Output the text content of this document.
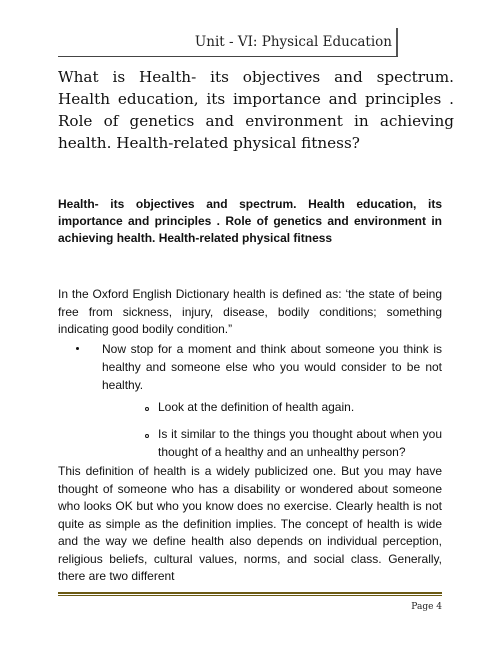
Unit - VI: Physical Education
What is Health- its objectives and spectrum. Health education, its importance and principles . Role of genetics and environment in achieving health. Health-related physical fitness?
Health- its objectives and spectrum. Health education, its importance and principles . Role of genetics and environment in achieving health. Health-related physical fitness
In the Oxford English Dictionary health is defined as: ‘the state of being free from sickness, injury, disease, bodily conditions; something indicating good bodily condition.”
Now stop for a moment and think about someone you think is healthy and someone else who you would consider to be not healthy.
Look at the definition of health again.
Is it similar to the things you thought about when you thought of a healthy and an unhealthy person?
This definition of health is a widely publicized one. But you may have thought of someone who has a disability or wondered about someone who looks OK but who you know does no exercise. Clearly health is not quite as simple as the definition implies. The concept of health is wide and the way we define health also depends on individual perception, religious beliefs, cultural values, norms, and social class. Generally, there are two different
Page 4
